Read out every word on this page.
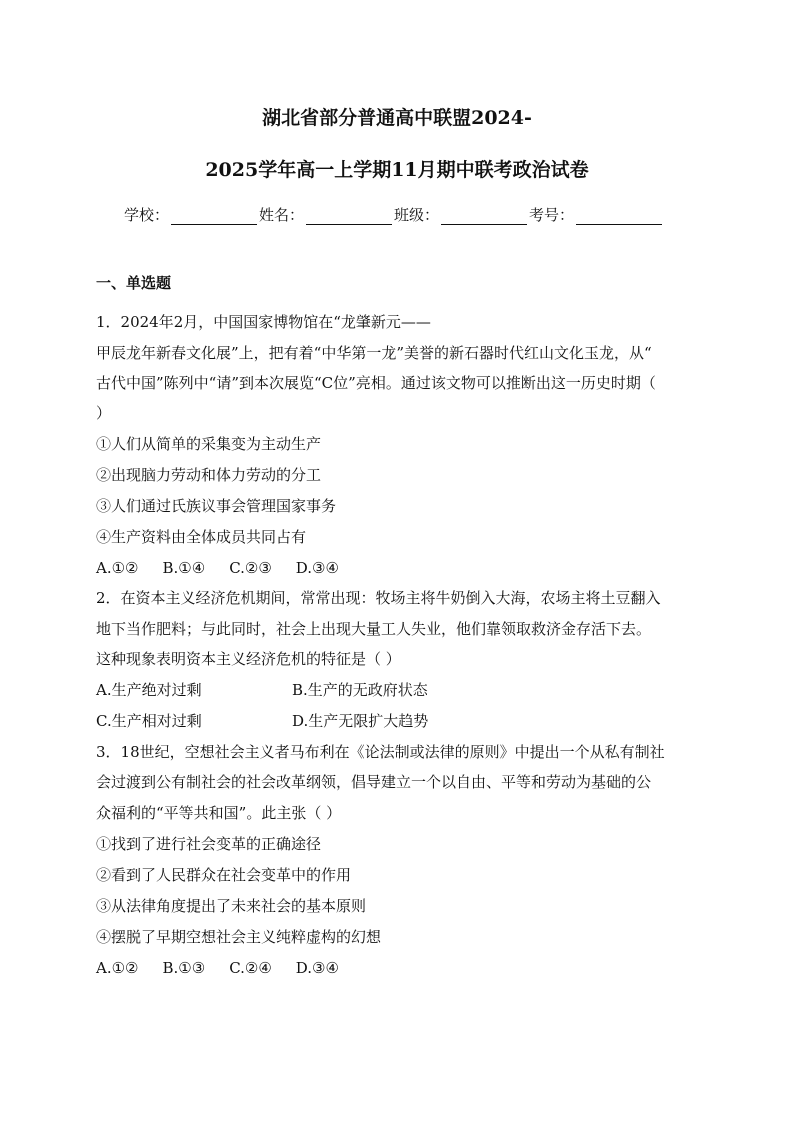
湖北省部分普通高中联盟2024-
2025学年高一上学期11月期中联考政治试卷
学校：	姓名：	班级：	考号：
一、单选题
1．2024年2月，中国国家博物馆在“龙肇新元——
甲辰龙年新春文化展”上，把有着“中华第一龙”美誉的新石器时代红山文化玉龙，从“
古代中国”陈列中“请”到本次展览“C位”亮相。通过该文物可以推断出这一历史时期（
）
①人们从简单的采集变为主动生产
②出现脑力劳动和体力劳动的分工
③人们通过氏族议事会管理国家事务
④生产资料由全体成员共同占有
A.①② B.①④ C.②③ D.③④
2．在资本主义经济危机期间，常常出现：牧场主将牛奶倒入大海，农场主将土豆翻入
地下当作肥料；与此同时，社会上出现大量工人失业，他们靠领取救济金存活下去。
这种现象表明资本主义经济危机的特征是（ ）
A.生产绝对过剩	B.生产的无政府状态
C.生产相对过剩	D.生产无限扩大趋势
3．18世纪，空想社会主义者马布利在《论法制或法律的原则》中提出一个从私有制社
会过渡到公有制社会的社会改革纲领，倡导建立一个以自由、平等和劳动为基础的公
众福利的“平等共和国”。此主张（ ）
①找到了进行社会变革的正确途径
②看到了人民群众在社会变革中的作用
③从法律角度提出了未来社会的基本原则
④摆脱了早期空想社会主义纯粹虚构的幻想
A.①② B.①③ C.②④ D.③④
